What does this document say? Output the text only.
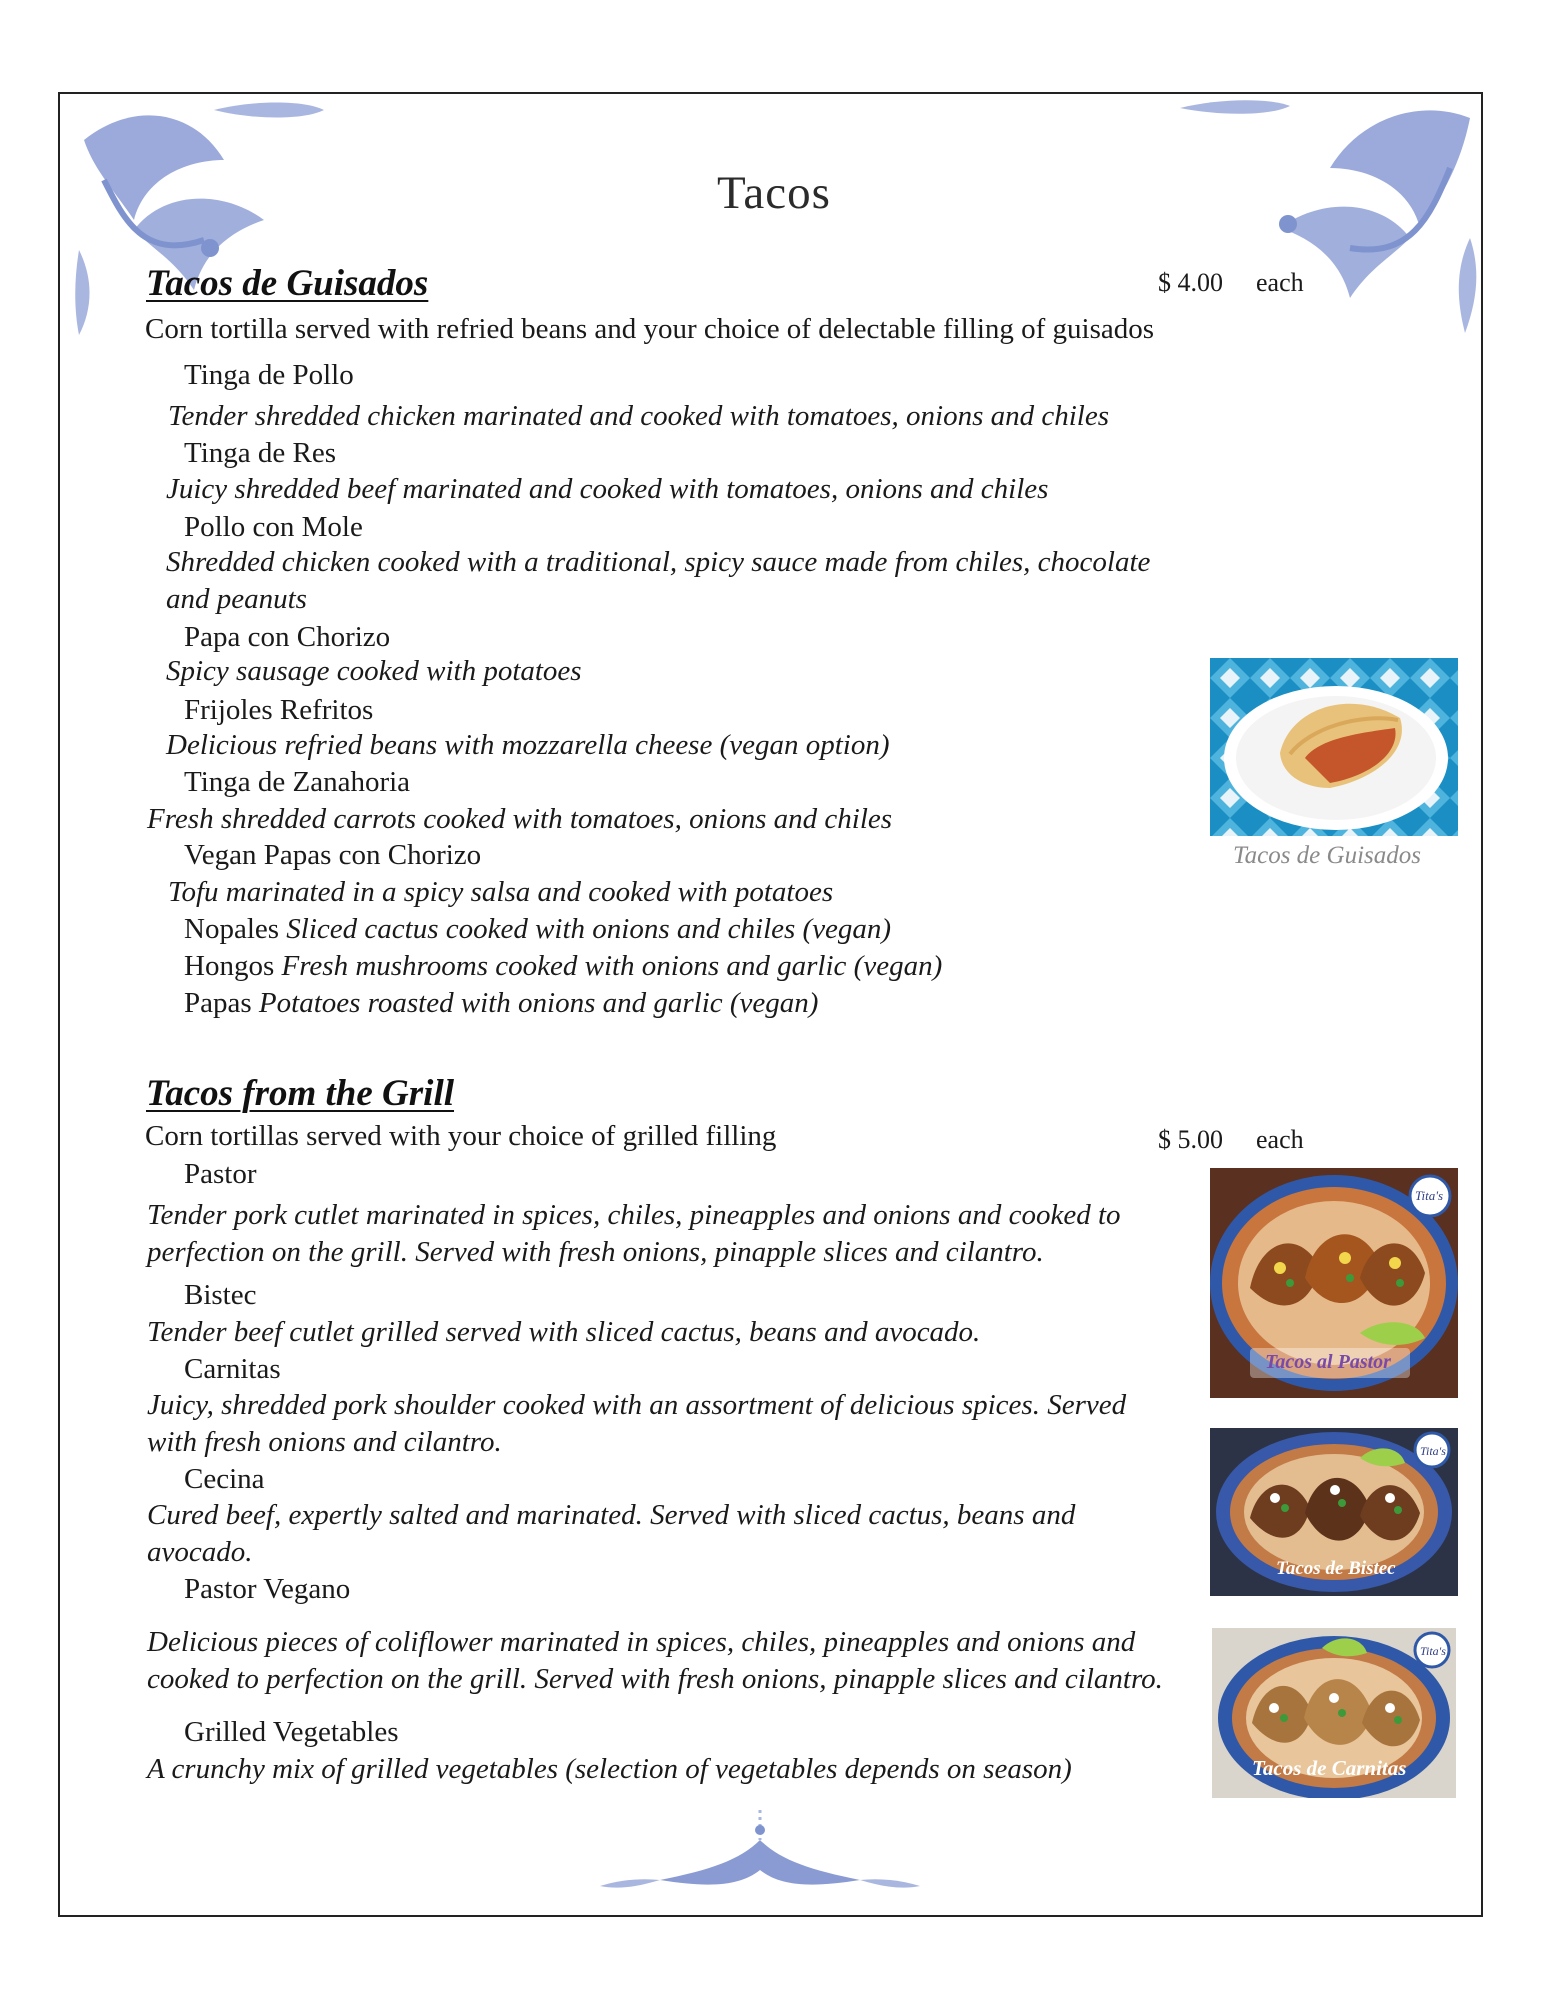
Tacos
Tacos de Guisados	$ 4.00 each
Corn tortilla served with refried beans and your choice of delectable filling of guisados
Tinga de Pollo
Tender shredded chicken marinated and cooked with tomatoes, onions and chiles
Tinga de Res
Juicy shredded beef marinated and cooked with tomatoes, onions and chiles
Pollo con Mole
Shredded chicken cooked with a traditional, spicy sauce made from chiles, chocolate
and peanuts
Papa con Chorizo
Spicy sausage cooked with potatoes
Frijoles Refritos
Delicious refried beans with mozzarella cheese (vegan option)
Tinga de Zanahoria
Fresh shredded carrots cooked with tomatoes, onions and chiles
Vegan Papas con Chorizo
Tofu marinated in a spicy salsa and cooked with potatoes
Nopales Sliced cactus cooked with onions and chiles (vegan)
Hongos Fresh mushrooms cooked with onions and garlic (vegan)
Papas Potatoes roasted with onions and garlic (vegan)
Tacos de Guisados
Tacos from the Grill
Corn tortillas served with your choice of grilled filling	$ 5.00 each
Pastor
Tender pork cutlet marinated in spices, chiles, pineapples and onions and cooked to
perfection on the grill. Served with fresh onions, pinapple slices and cilantro.
Bistec
Tender beef cutlet grilled served with sliced cactus, beans and avocado.
Carnitas
Juicy, shredded pork shoulder cooked with an assortment of delicious spices. Served
with fresh onions and cilantro.
Cecina
Cured beef, expertly salted and marinated. Served with sliced cactus, beans and
avocado.
Pastor Vegano
Delicious pieces of coliflower marinated in spices, chiles, pineapples and onions and
cooked to perfection on the grill. Served with fresh onions, pinapple slices and cilantro.
Grilled Vegetables
A crunchy mix of grilled vegetables (selection of vegetables depends on season)
Tita's
Tacos al Pastor
Tita's
Tacos de Bistec
Tita's
Tacos de Carnitas
